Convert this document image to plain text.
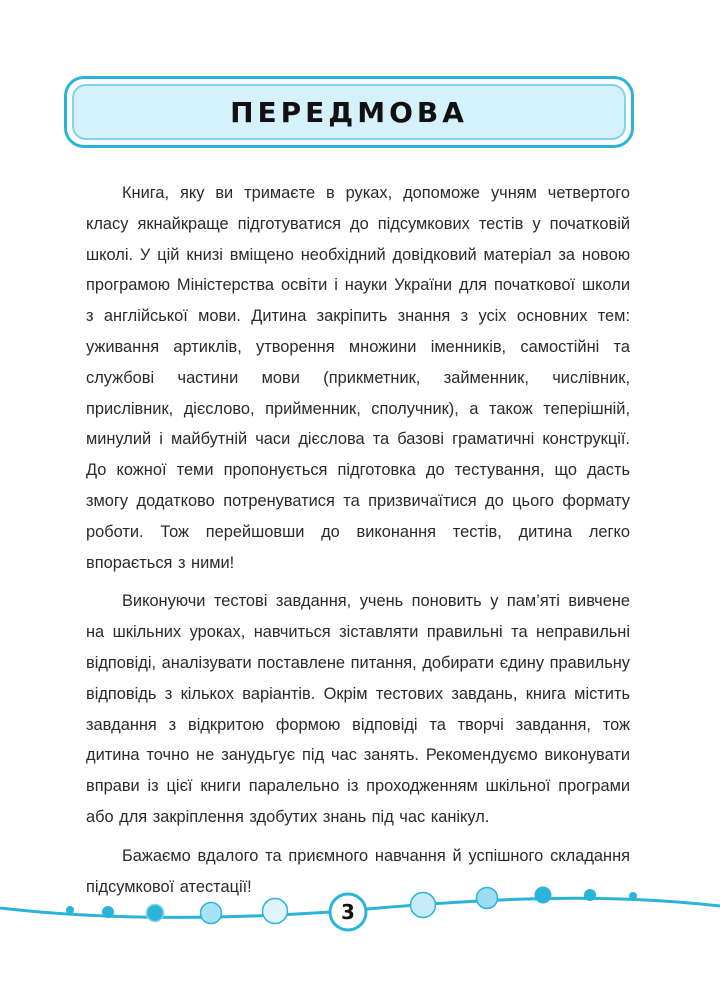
ПЕРЕДМОВА

Книга, яку ви тримаєте в руках, допоможе учням четвертого класу якнайкраще підготуватися до підсумкових тестів у початковій школі. У цій книзі вміщено необхідний довідковий матеріал за новою програмою Міністерства освіти і науки України для початкової школи з англійської мови. Дитина закріпить знання з усіх основних тем: уживання артиклів, утворення множини іменників, самостійні та службові частини мови (прикметник, займенник, числівник, прислівник, дієслово, прийменник, сполучник), а також теперішній, минулий і майбутній часи дієслова та базові граматичні конструкції. До кожної теми пропонується підготовка до тестування, що дасть змогу додатково потренуватися та призвичаїтися до цього формату роботи. Тож перейшовши до виконання тестів, дитина легко впорається з ними!

Виконуючи тестові завдання, учень поновить у пам’яті вивчене на шкільних уроках, навчиться зіставляти правильні та неправильні відповіді, аналізувати поставлене питання, добирати єдину правильну відповідь з кількох варіантів. Окрім тестових завдань, книга містить завдання з відкритою формою відповіді та творчі завдання, тож дитина точно не занудьгує під час занять. Рекомендуємо виконувати вправи із цієї книги паралельно із проходженням шкільної програми або для закріплення здобутих знань під час канікул.

Бажаємо вдалого та приємного навчання й успішного складання підсумкової атестації!

3
